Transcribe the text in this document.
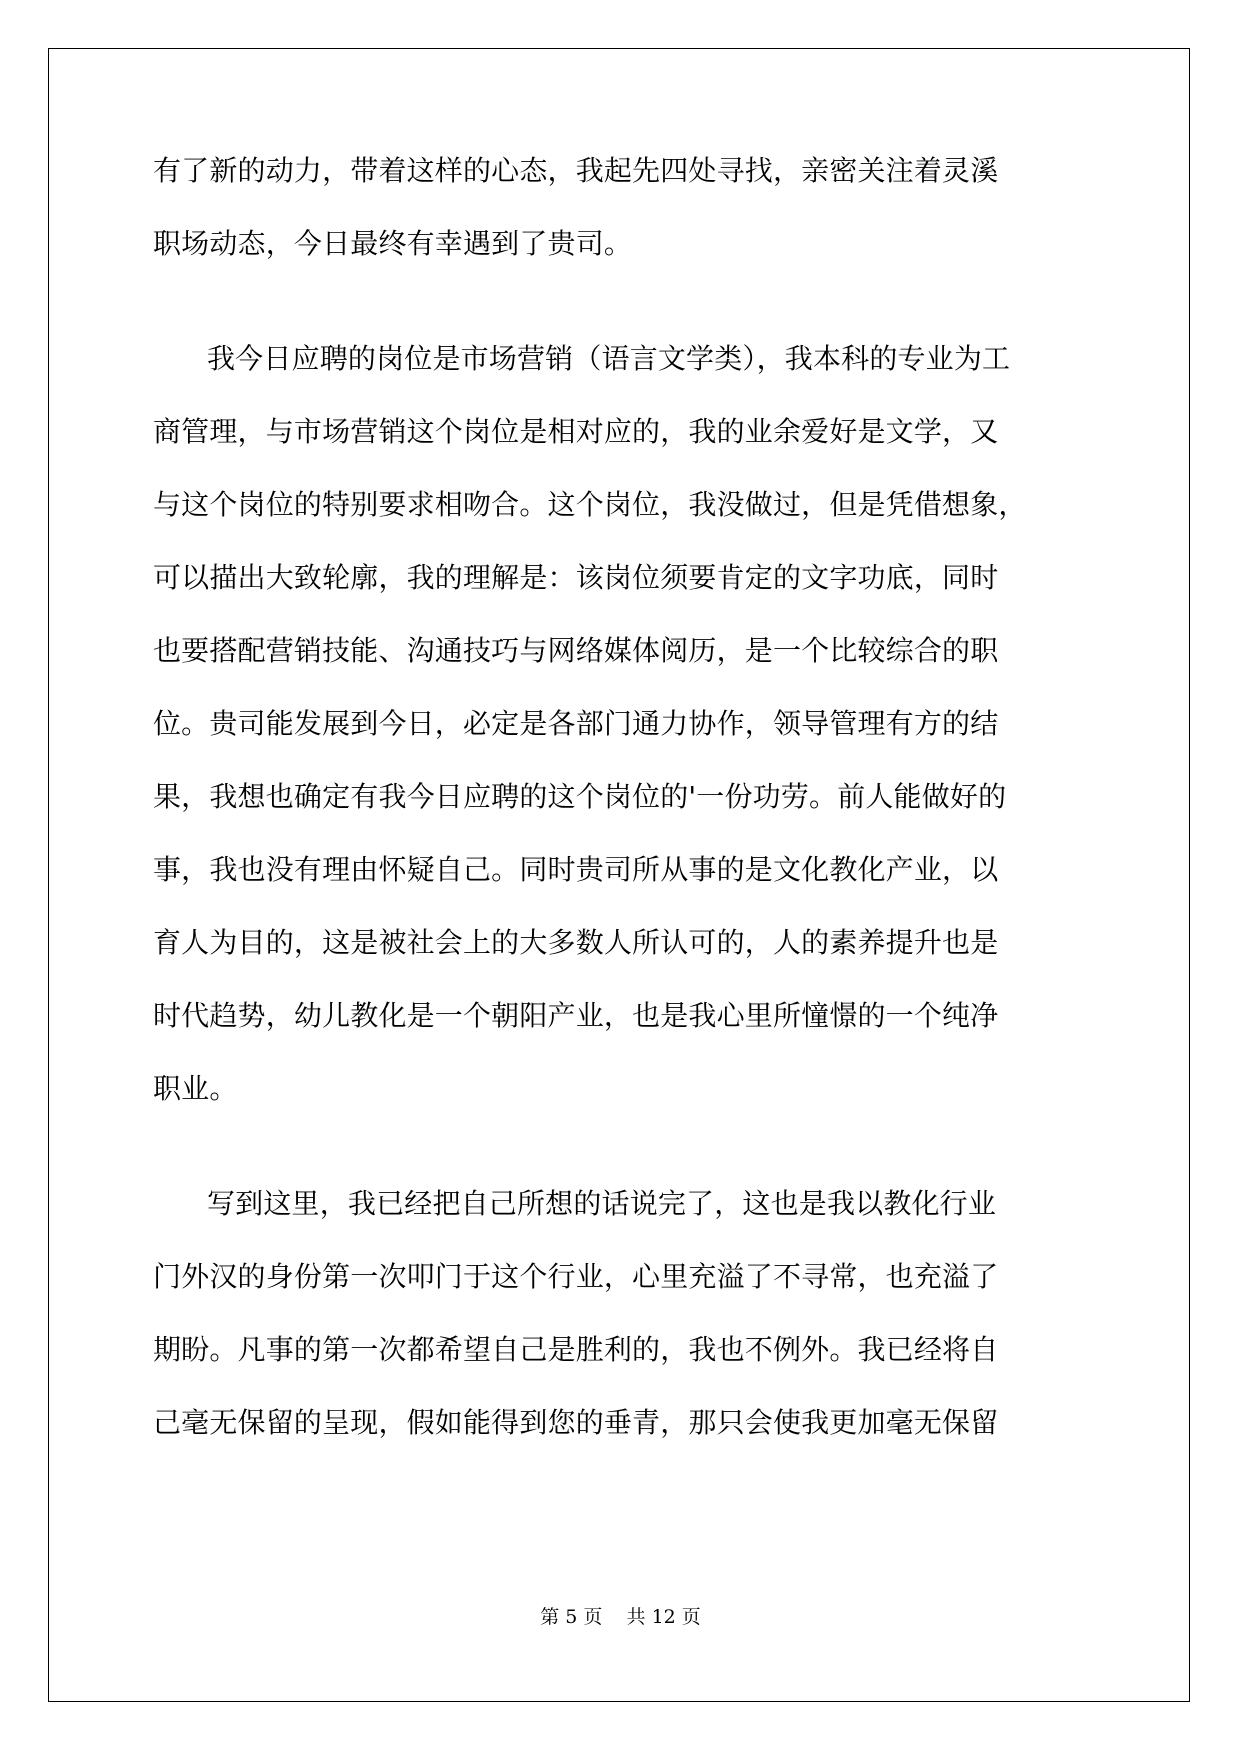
有了新的动力，带着这样的心态，我起先四处寻找，亲密关注着灵溪
职场动态，今日最终有幸遇到了贵司。
我今日应聘的岗位是市场营销（语言文学类），我本科的专业为工
商管理，与市场营销这个岗位是相对应的，我的业余爱好是文学，又
与这个岗位的特别要求相吻合。这个岗位，我没做过，但是凭借想象，
可以描出大致轮廓，我的理解是：该岗位须要肯定的文字功底，同时
也要搭配营销技能、沟通技巧与网络媒体阅历，是一个比较综合的职
位。贵司能发展到今日，必定是各部门通力协作，领导管理有方的结
果，我想也确定有我今日应聘的这个岗位的'一份功劳。前人能做好的
事，我也没有理由怀疑自己。同时贵司所从事的是文化教化产业，以
育人为目的，这是被社会上的大多数人所认可的，人的素养提升也是
时代趋势，幼儿教化是一个朝阳产业，也是我心里所憧憬的一个纯净
职业。
写到这里，我已经把自己所想的话说完了，这也是我以教化行业
门外汉的身份第一次叩门于这个行业，心里充溢了不寻常，也充溢了
期盼。凡事的第一次都希望自己是胜利的，我也不例外。我已经将自
己毫无保留的呈现，假如能得到您的垂青，那只会使我更加毫无保留
第 5 页    共 12 页
